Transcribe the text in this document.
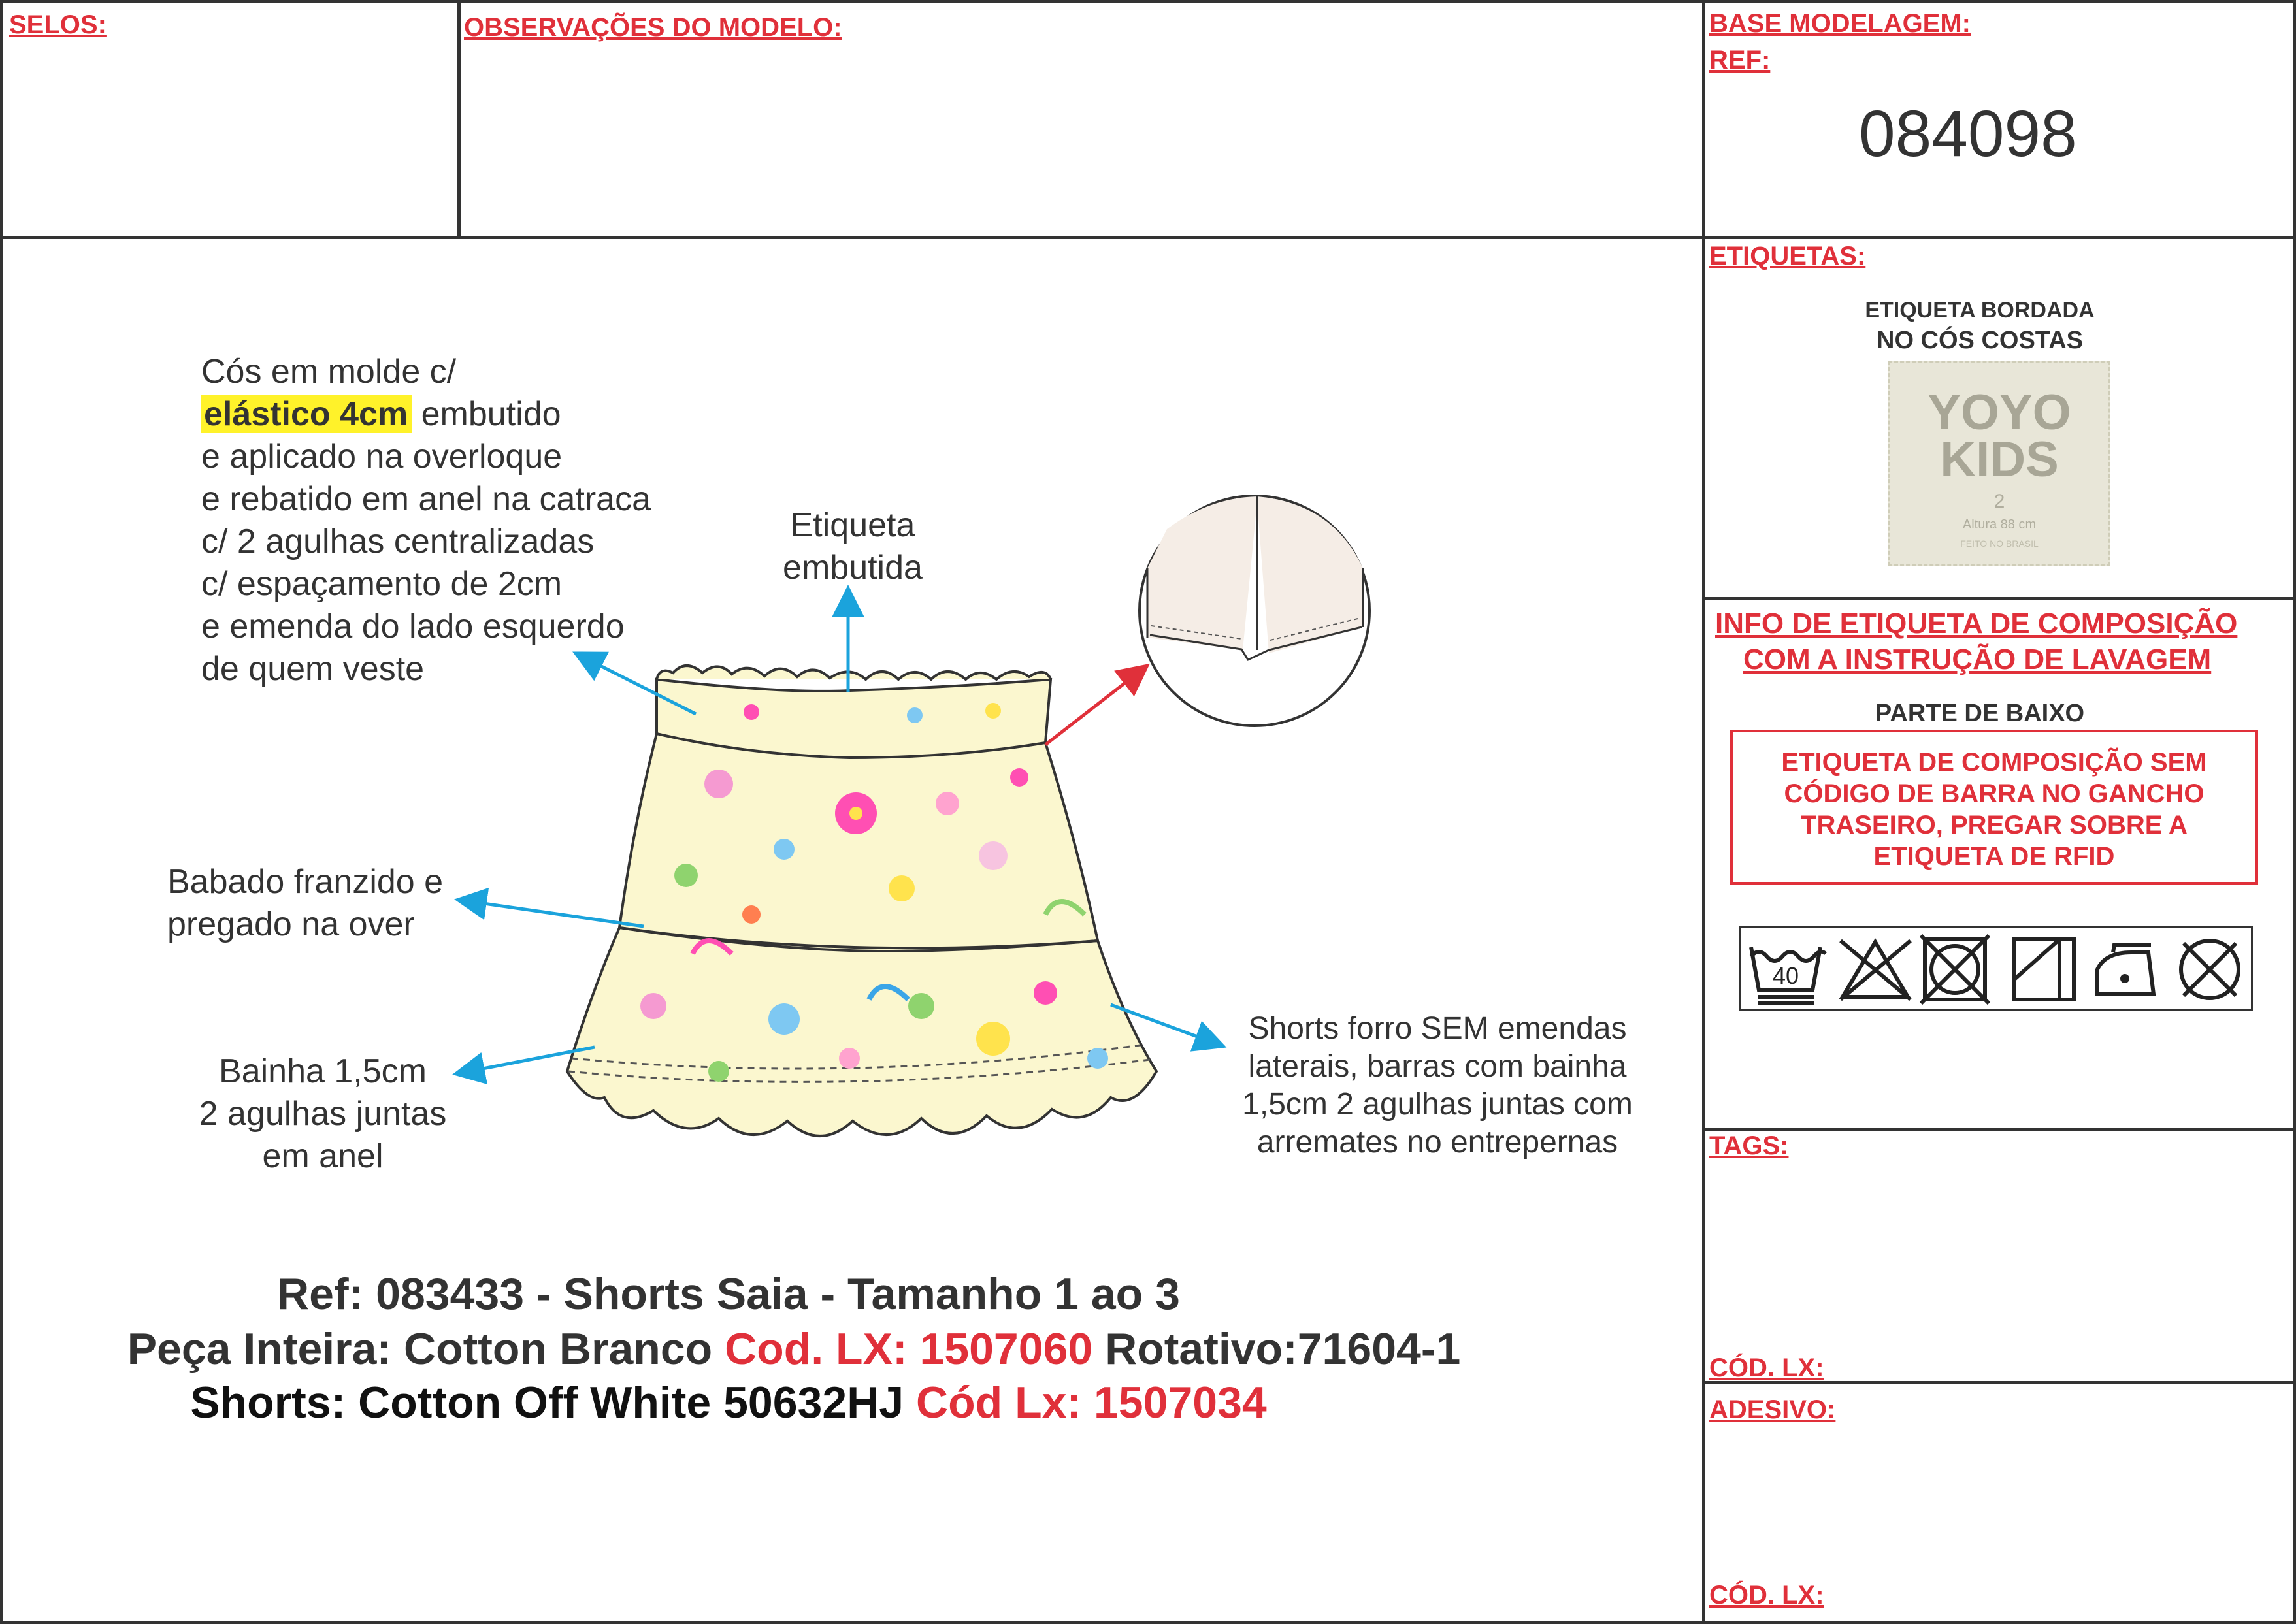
SELOS:	OBSERVAÇÕES DO MODELO:	BASE MODELAGEM:
REF:
084098
ETIQUETAS:
ETIQUETA BORDADA
NO CÓS COSTAS
YOYO
KIDS
2
Altura 88 cm
FEITO NO BRASIL
INFO DE ETIQUETA DE COMPOSIÇÃO
COM A INSTRUÇÃO DE LAVAGEM
PARTE DE BAIXO
ETIQUETA DE COMPOSIÇÃO SEM
CÓDIGO DE BARRA NO GANCHO
TRASEIRO, PREGAR SOBRE A
ETIQUETA DE RFID
40
TAGS:
CÓD. LX:
ADESIVO:
CÓD. LX:
Cós em molde c/
elástico 4cm embutido
e aplicado na overloque
e rebatido em anel na catraca
c/ 2 agulhas centralizadas
c/ espaçamento de 2cm
e emenda do lado esquerdo
de quem veste
Etiqueta
embutida
Babado franzido e
pregado na over
Bainha 1,5cm
2 agulhas juntas
em anel
Shorts forro SEM emendas
laterais, barras com bainha
1,5cm 2 agulhas juntas com
arremates no entrepernas
Ref: 083433 - Shorts Saia - Tamanho 1 ao 3
Peça Inteira: Cotton Branco Cod. LX: 1507060 Rotativo:71604-1
Shorts: Cotton Off White 50632HJ Cód Lx: 1507034
